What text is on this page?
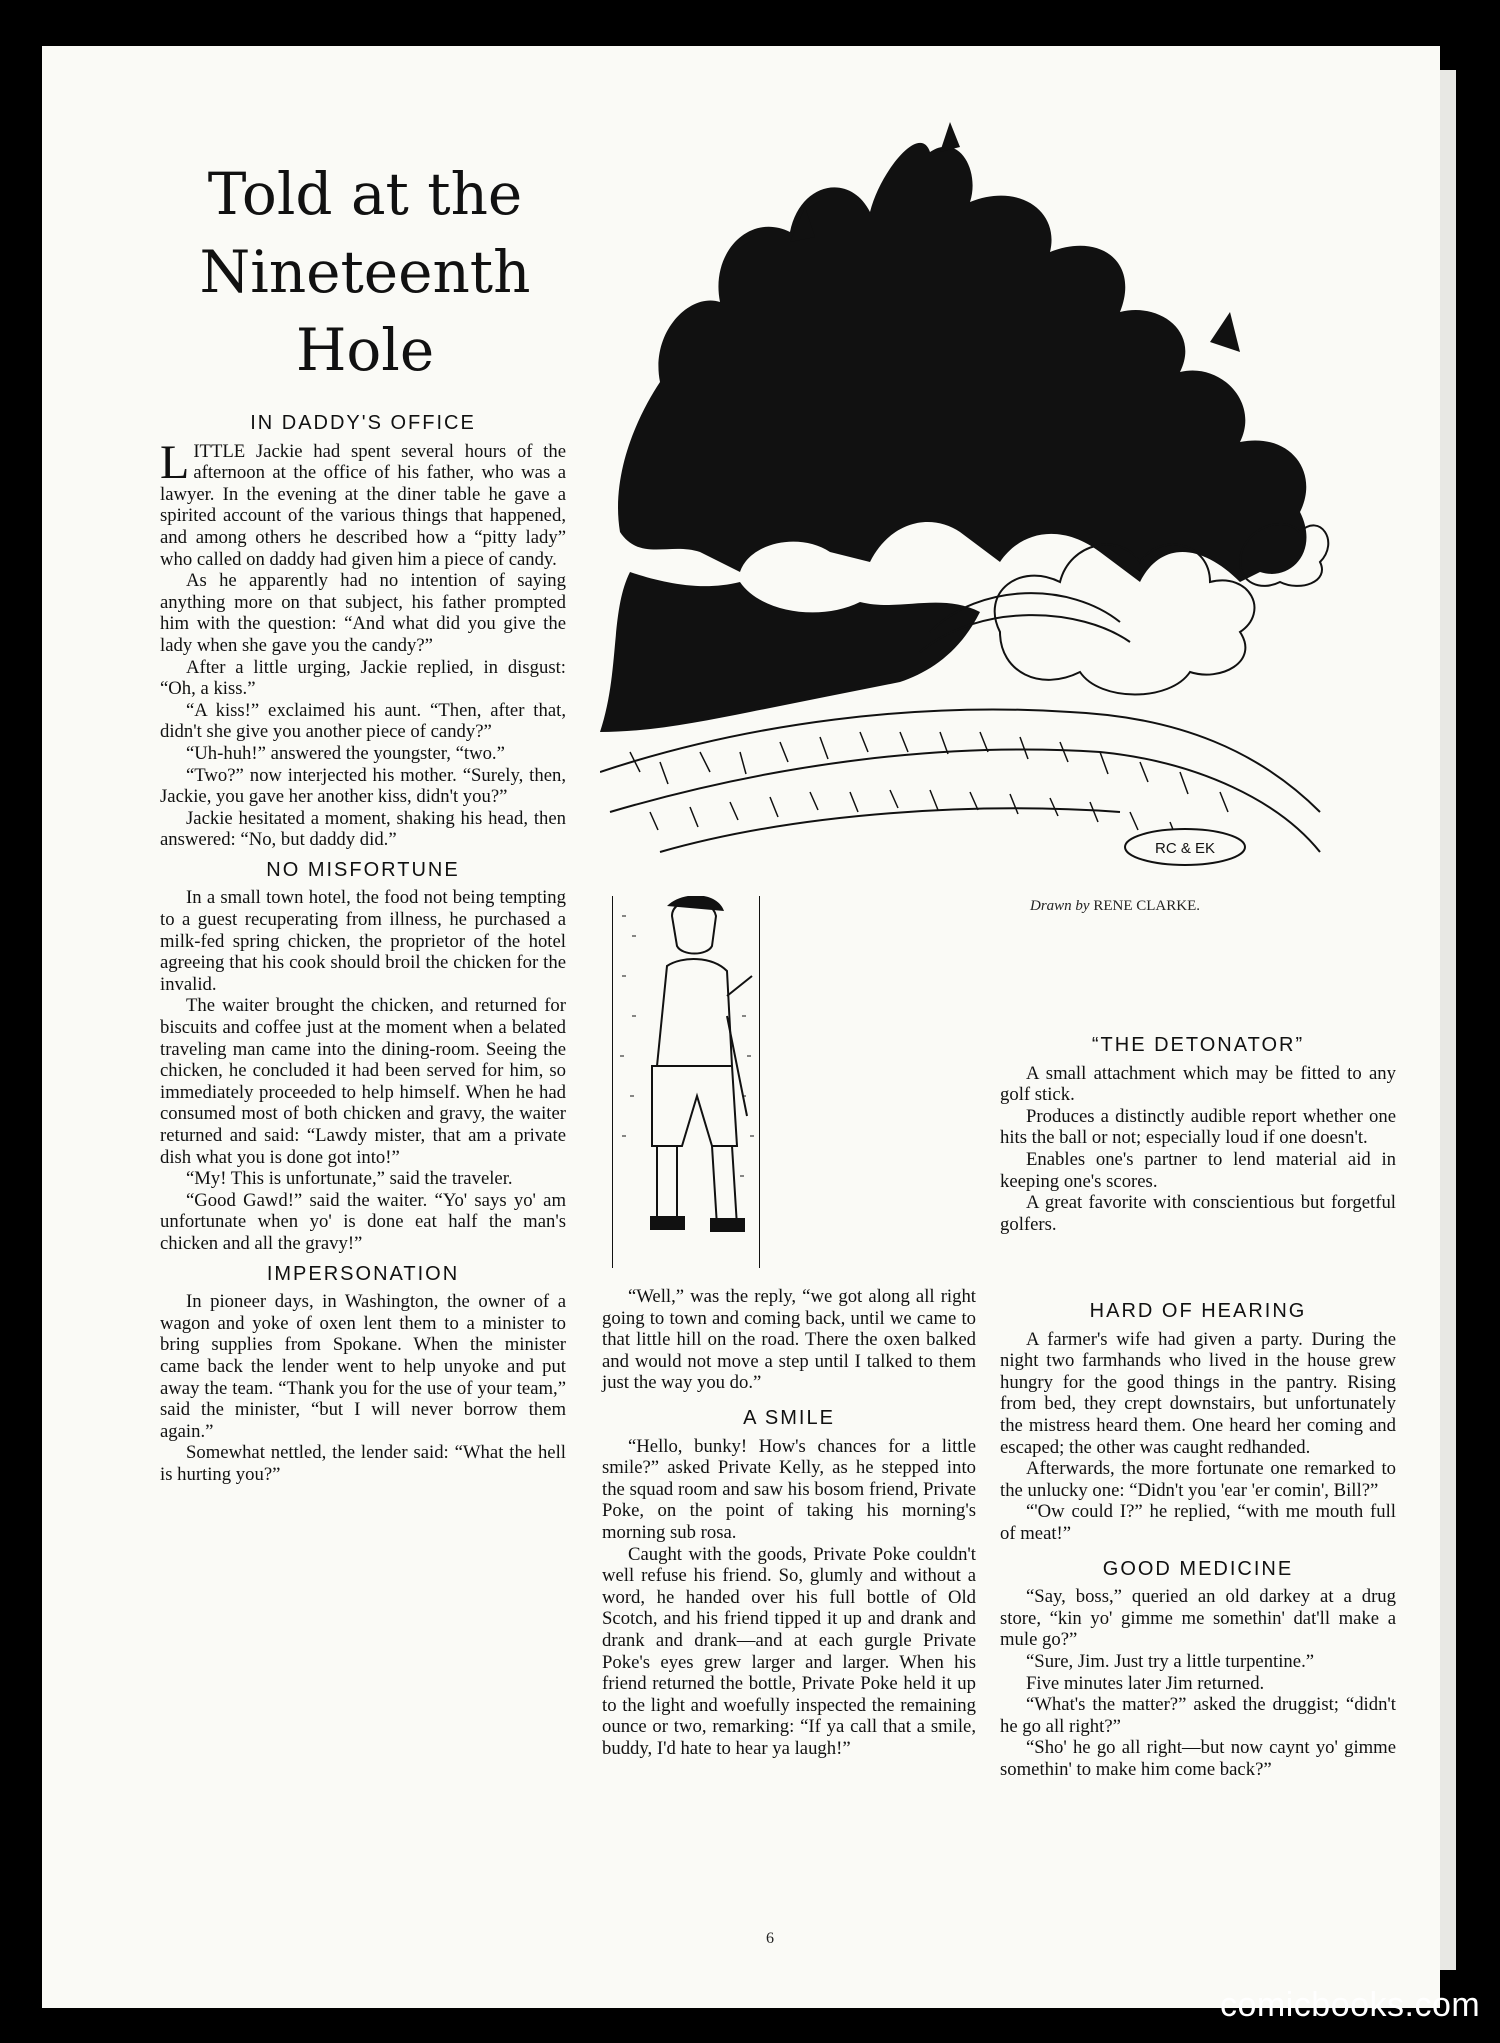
Told at the Nineteenth Hole
RC & EK
Drawn by RENE CLARKE.
IN DADDY'S OFFICE

LITTLE Jackie had spent several hours of the afternoon at the office of his father, who was a lawyer. In the evening at the diner table he gave a spirited account of the various things that happened, and among others he described how a “pitty lady” who called on daddy had given him a piece of candy.

As he apparently had no intention of saying anything more on that subject, his father prompted him with the question: “And what did you give the lady when she gave you the candy?”

After a little urging, Jackie replied, in disgust: “Oh, a kiss.”

“A kiss!” exclaimed his aunt. “Then, after that, didn't she give you another piece of candy?”

“Uh-huh!” answered the youngster, “two.”

“Two?” now interjected his mother. “Surely, then, Jackie, you gave her another kiss, didn't you?”

Jackie hesitated a moment, shaking his head, then answered: “No, but daddy did.”

NO MISFORTUNE

In a small town hotel, the food not being tempting to a guest recuperating from illness, he purchased a milk-fed spring chicken, the proprietor of the hotel agreeing that his cook should broil the chicken for the invalid.

The waiter brought the chicken, and returned for biscuits and coffee just at the moment when a belated traveling man came into the dining-room. Seeing the chicken, he concluded it had been served for him, so immediately proceeded to help himself. When he had consumed most of both chicken and gravy, the waiter returned and said: “Lawdy mister, that am a private dish what you is done got into!”

“My! This is unfortunate,” said the traveler.

“Good Gawd!” said the waiter. “Yo' says yo' am unfortunate when yo' is done eat half the man's chicken and all the gravy!”

IMPERSONATION

In pioneer days, in Washington, the owner of a wagon and yoke of oxen lent them to a minister to bring supplies from Spokane. When the minister came back the lender went to help unyoke and put away the team. “Thank you for the use of your team,” said the minister, “but I will never borrow them again.”

Somewhat nettled, the lender said: “What the hell is hurting you?”

“Well,” was the reply, “we got along all right going to town and coming back, until we came to that little hill on the road. There the oxen balked and would not move a step until I talked to them just the way you do.”

A SMILE

“Hello, bunky! How's chances for a little smile?” asked Private Kelly, as he stepped into the squad room and saw his bosom friend, Private Poke, on the point of taking his morning's morning sub rosa.

Caught with the goods, Private Poke couldn't well refuse his friend. So, glumly and without a word, he handed over his full bottle of Old Scotch, and his friend tipped it up and drank and drank and drank—and at each gurgle Private Poke's eyes grew larger and larger. When his friend returned the bottle, Private Poke held it up to the light and woefully inspected the remaining ounce or two, remarking: “If ya call that a smile, buddy, I'd hate to hear ya laugh!”

“THE DETONATOR”

A small attachment which may be fitted to any golf stick.

Produces a distinctly audible report whether one hits the ball or not; especially loud if one doesn't.

Enables one's partner to lend material aid in keeping one's scores.

A great favorite with conscientious but forgetful golfers.

HARD OF HEARING

A farmer's wife had given a party. During the night two farmhands who lived in the house grew hungry for the good things in the pantry. Rising from bed, they crept downstairs, but unfortunately the mistress heard them. One heard her coming and escaped; the other was caught redhanded.

Afterwards, the more fortunate one remarked to the unlucky one: “Didn't you 'ear 'er comin', Bill?”

“'Ow could I?” he replied, “with me mouth full of meat!”

GOOD MEDICINE

“Say, boss,” queried an old darkey at a drug store, “kin yo' gimme me somethin' dat'll make a mule go?”

“Sure, Jim. Just try a little turpentine.”

Five minutes later Jim returned.

“What's the matter?” asked the druggist; “didn't he go all right?”

“Sho' he go all right—but now caynt yo' gimme somethin' to make him come back?”

6
comicbooks.com
